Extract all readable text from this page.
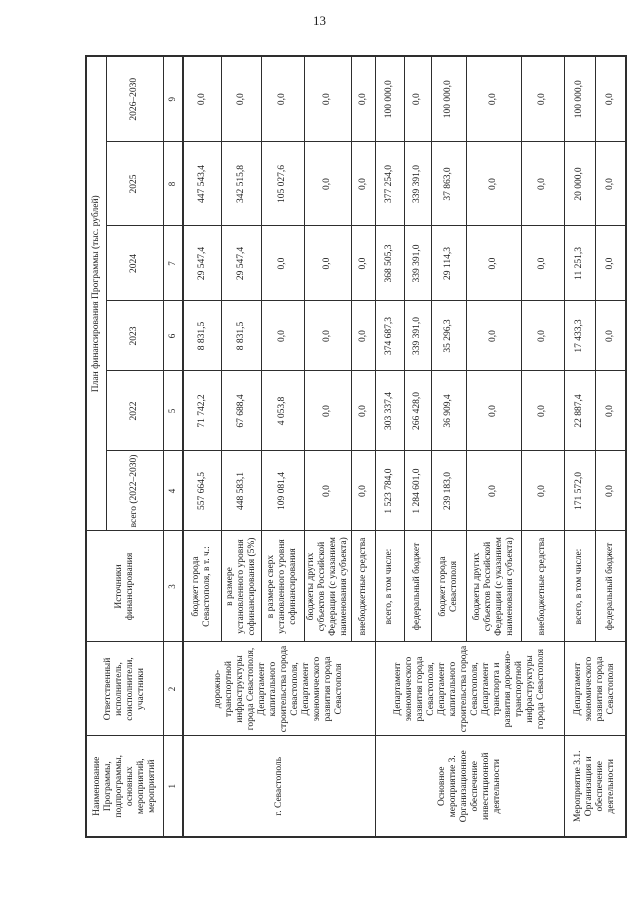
13
Наименование Программы, подпрограммы, основных мероприятий, мероприятий	Ответственный исполнитель, соисполнители, участники	Источники финансирования	План финансирования Программы (тыс. рублей)					
			всего (2022–2030)	2022	2023	2024	2025	2026–2030
1	2	3	4	5	6	7	8	9
г. Севастополь	дорожно-транспортной инфраструктуры города Севастополя, Департамент капитального строительства города Севастополя, Департамент экономического развития города Севастополя	бюджет города Севастополя, в т. ч.:	557 664,5	71 742,2	8 831,5	29 547,4	447 543,4	0,0
		в размере установленного уровня софинансирования (5%)	448 583,1	67 688,4	8 831,5	29 547,4	342 515,8	0,0
		в размере сверх установленного уровня софинансирования	109 081,4	4 053,8	0,0	0,0	105 027,6	0,0
		бюджеты других субъектов Российской Федерации (с указанием наименования субъекта)	0,0	0,0	0,0	0,0	0,0	0,0
		внебюджетные средства	0,0	0,0	0,0	0,0	0,0	0,0
Основное мероприятие 3. Организационное обеспечение инвестиционной деятельности	Департамент экономического развития города Севастополя, Департамент капитального строительства города Севастополя, Департамент транспорта и развития дорожно-транспортной инфраструктуры города Севастополя	всего, в том числе:	1 523 784,0	303 337,4	374 687,3	368 505,3	377 254,0	100 000,0
		федеральный бюджет	1 284 601,0	266 428,0	339 391,0	339 391,0	339 391,0	0,0
		бюджет города Севастополя	239 183,0	36 909,4	35 296,3	29 114,3	37 863,0	100 000,0
		бюджеты других субъектов Российской Федерации (с указанием наименования субъекта)	0,0	0,0	0,0	0,0	0,0	0,0
		внебюджетные средства	0,0	0,0	0,0	0,0	0,0	0,0
Мероприятие 3.1. Организация и обеспечение деятельности	Департамент экономического развития города Севастополя	всего, в том числе:	171 572,0	22 887,4	17 433,3	11 251,3	20 000,0	100 000,0
		федеральный бюджет	0,0	0,0	0,0	0,0	0,0	0,0
